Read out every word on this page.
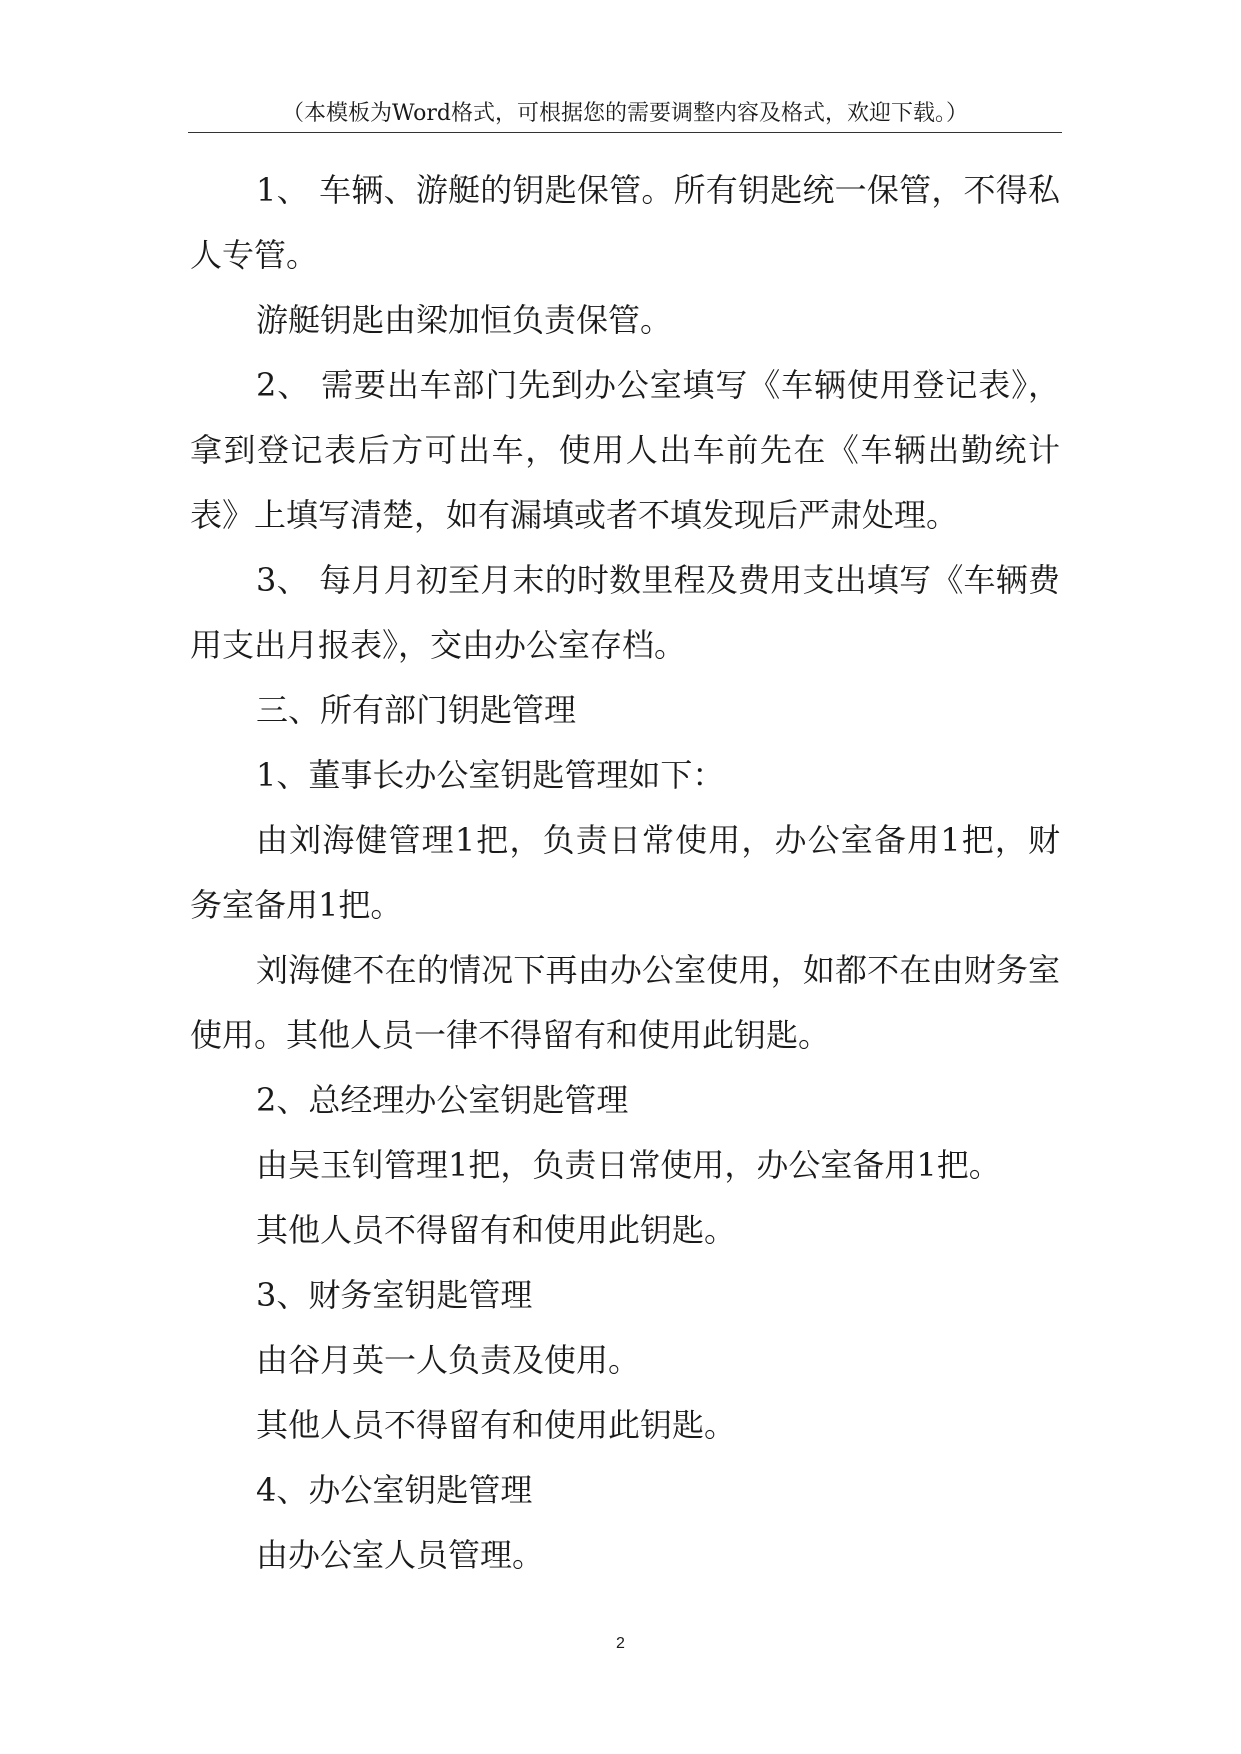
（本模板为Word格式，可根据您的需要调整内容及格式，欢迎下载。）

1、 车辆、游艇的钥匙保管。所有钥匙统一保管，不得私人专管。

游艇钥匙由梁加恒负责保管。

2、 需要出车部门先到办公室填写《车辆使用登记表》，拿到登记表后方可出车，使用人出车前先在《车辆出勤统计表》上填写清楚，如有漏填或者不填发现后严肃处理。

3、 每月月初至月末的时数里程及费用支出填写《车辆费用支出月报表》，交由办公室存档。

三、所有部门钥匙管理

1、董事长办公室钥匙管理如下：

由刘海健管理1把，负责日常使用，办公室备用1把，财务室备用1把。

刘海健不在的情况下再由办公室使用，如都不在由财务室使用。其他人员一律不得留有和使用此钥匙。

2、总经理办公室钥匙管理

由吴玉钊管理1把，负责日常使用，办公室备用1把。

其他人员不得留有和使用此钥匙。

3、财务室钥匙管理

由谷月英一人负责及使用。

其他人员不得留有和使用此钥匙。

4、办公室钥匙管理

由办公室人员管理。

2
